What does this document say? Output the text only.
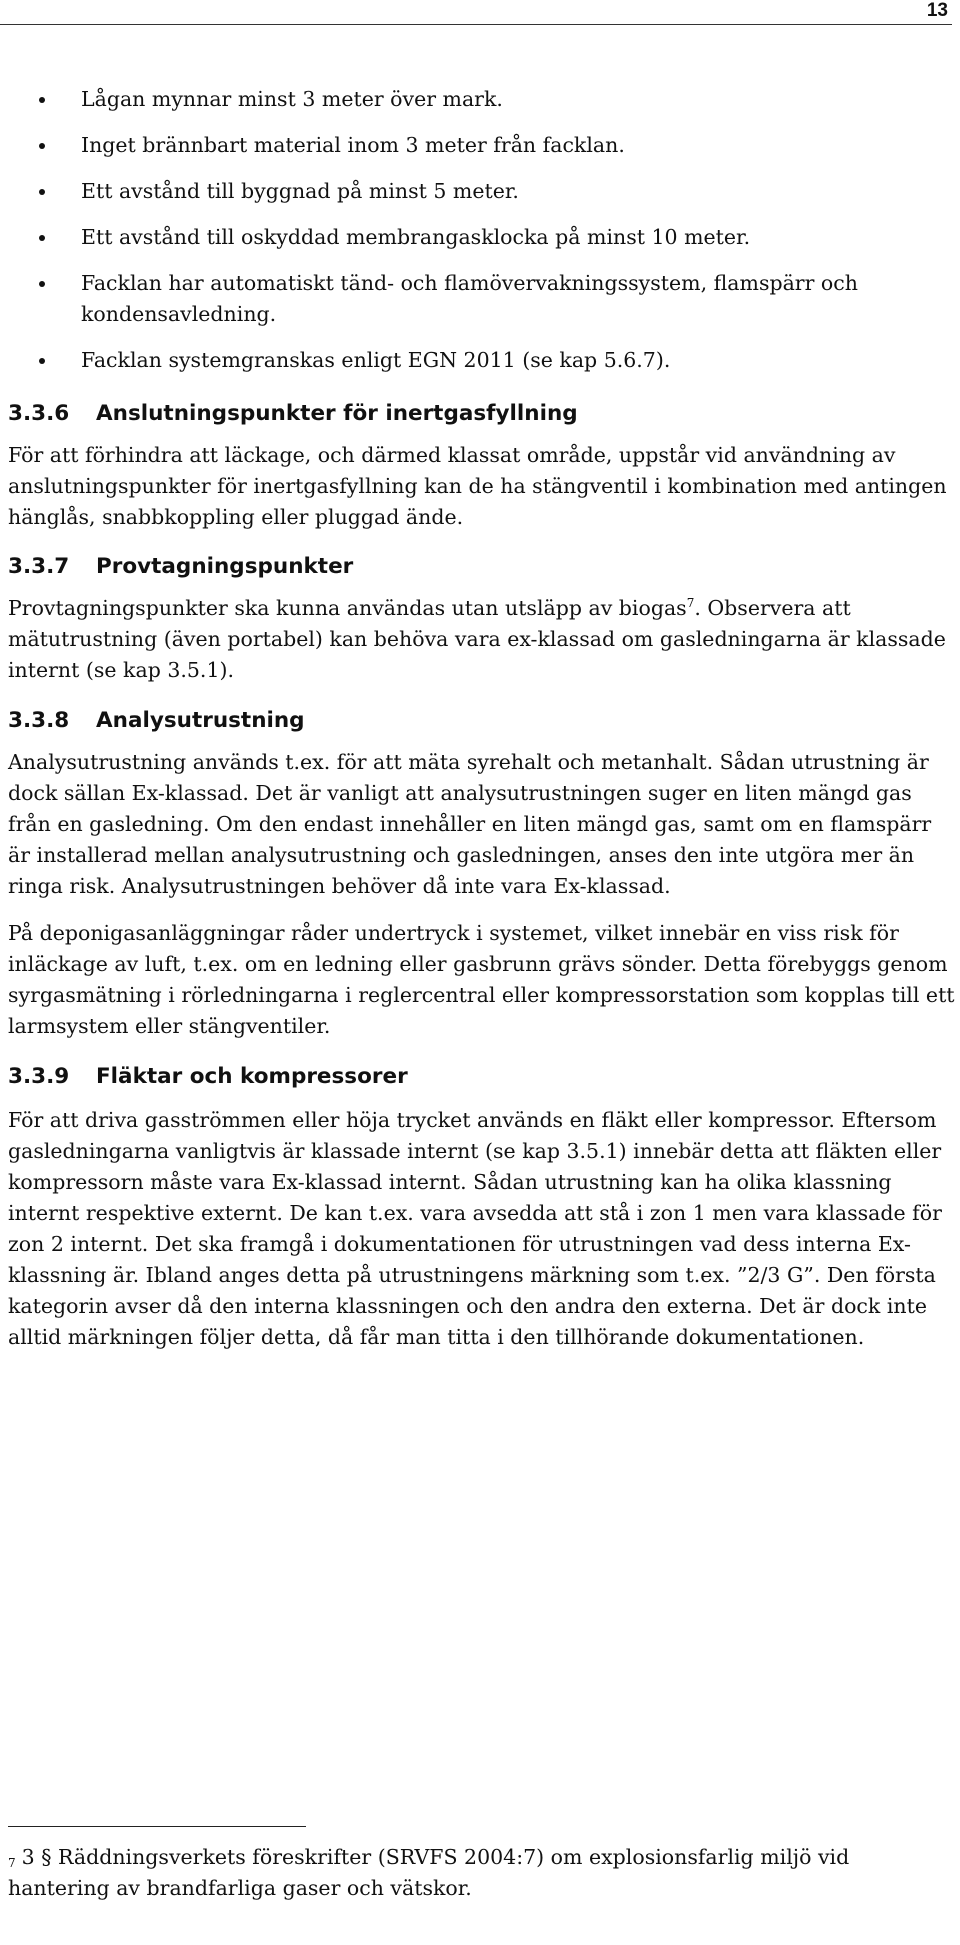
13
Lågan mynnar minst 3 meter över mark.
Inget brännbart material inom 3 meter från facklan.
Ett avstånd till byggnad på minst 5 meter.
Ett avstånd till oskyddad membrangasklocka på minst 10 meter.
Facklan har automatiskt tänd- och flamövervakningssystem, flamspärr och kondensavledning.
Facklan systemgranskas enligt EGN 2011 (se kap 5.6.7).
3.3.6 Anslutningspunkter för inertgasfyllning

För att förhindra att läckage, och därmed klassat område, uppstår vid användning av anslutningspunkter för inertgasfyllning kan de ha stängventil i kombination med antingen hänglås, snabbkoppling eller pluggad ände.

3.3.7 Provtagningspunkter

Provtagningspunkter ska kunna användas utan utsläpp av biogas$^7$. Observera att mätutrustning (även portabel) kan behöva vara ex-klassad om gasledningarna är klassade internt (se kap 3.5.1).

3.3.8 Analysutrustning

Analysutrustning används t.ex. för att mäta syrehalt och metanhalt. Sådan utrustning är dock sällan Ex-klassad. Det är vanligt att analysutrustningen suger en liten mängd gas från en gasledning. Om den endast innehåller en liten mängd gas, samt om en flamspärr är installerad mellan analysutrustning och gasledningen, anses den inte utgöra mer än ringa risk. Analysutrustningen behöver då inte vara Ex-klassad.

På deponigasanläggningar råder undertryck i systemet, vilket innebär en viss risk för inläckage av luft, t.ex. om en ledning eller gasbrunn grävs sönder. Detta förebyggs genom syrgasmätning i rörledningarna i reglercentral eller kompressorstation som kopplas till ett larmsystem eller stängventiler.

3.3.9 Fläktar och kompressorer

För att driva gasströmmen eller höja trycket används en fläkt eller kompressor. Eftersom gasledningarna vanligtvis är klassade internt (se kap 3.5.1) innebär detta att fläkten eller kompressorn måste vara Ex-klassad internt. Sådan utrustning kan ha olika klassning internt respektive externt. De kan t.ex. vara avsedda att stå i zon 1 men vara klassade för zon 2 internt. Det ska framgå i dokumentationen för utrustningen vad dess interna Ex-klassning är. Ibland anges detta på utrustningens märkning som t.ex. ”2/3 G”. Den första kategorin avser då den interna klassningen och den andra den externa. Det är dock inte alltid märkningen följer detta, då får man titta i den tillhörande dokumentationen.

$^7$ 3 § Räddningsverkets föreskrifter (SRVFS 2004:7) om explosionsfarlig miljö vid hantering av brandfarliga gaser och vätskor.
